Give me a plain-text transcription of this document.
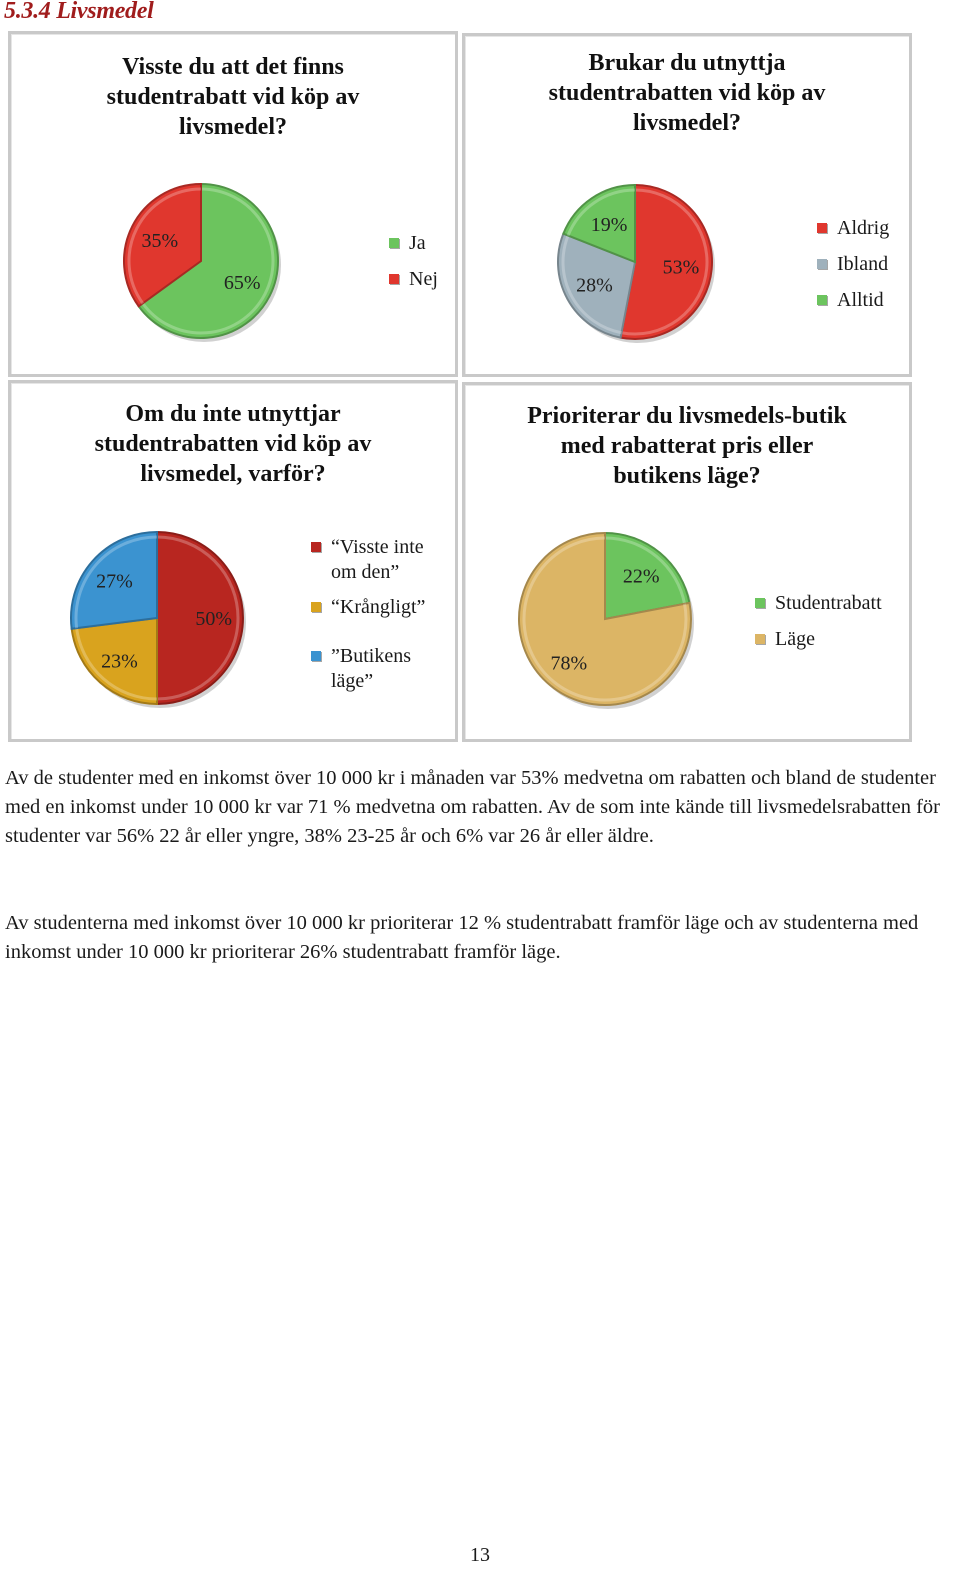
5.3.4 Livsmedel
Visste du att det finns
studentrabatt vid köp av
livsmedel?
65%
35%	Ja
Nej
Brukar du utnyttja
studentrabatten vid köp av
livsmedel?
53%
28%
19%	Aldrig
Ibland
Alltid
Om du inte utnyttjar
studentrabatten vid köp av
livsmedel, varför?
50%
23%
27%
“Visste inte
om den”
“Krångligt”
”Butikens
läge”
Prioriterar du livsmedels-butik
med rabatterat pris eller
butikens läge?
22%
78%
Studentrabatt
Läge

Av de studenter med en inkomst över 10 000 kr i månaden var 53% medvetna om rabatten och bland de studenter med en inkomst under 10 000 kr var 71 % medvetna om rabatten. Av de som inte kände till livsmedelsrabatten för studenter var 56% 22 år eller yngre, 38% 23-25 år och 6% var 26 år eller äldre.

Av studenterna med inkomst över 10 000 kr prioriterar 12 % studentrabatt framför läge och av studenterna med inkomst under 10 000 kr prioriterar 26% studentrabatt framför läge.

13
